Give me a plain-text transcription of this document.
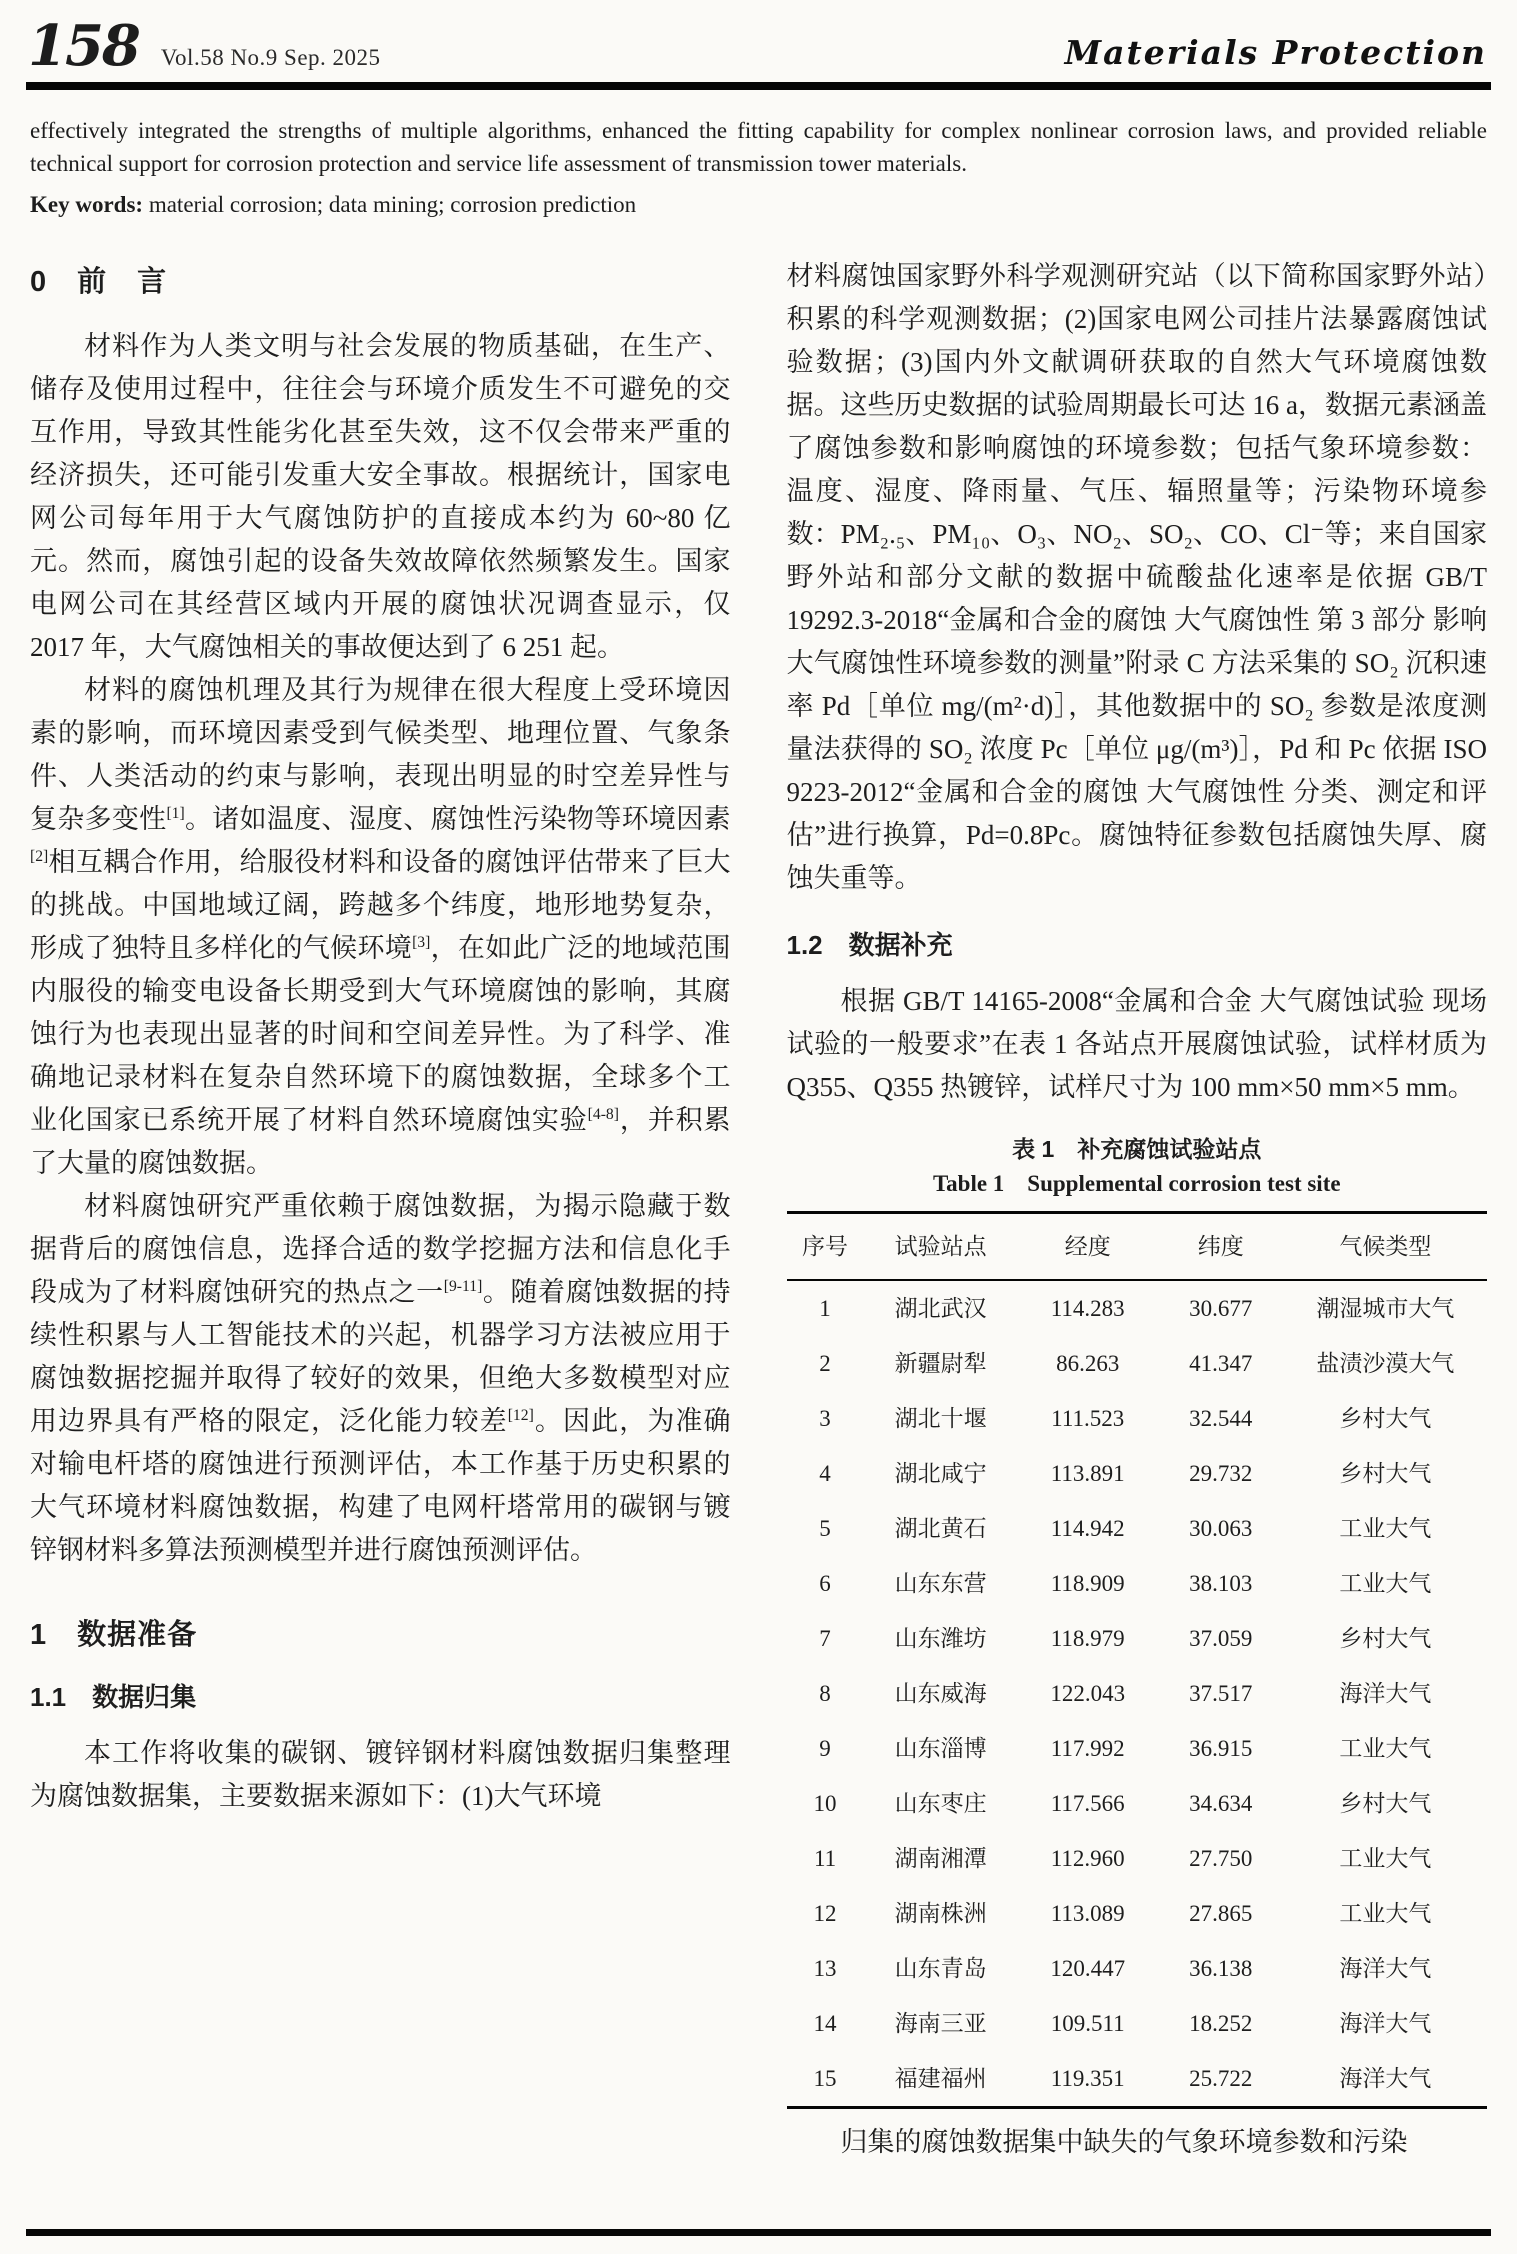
158 Vol.58 No.9 Sep. 2025	Materials Protection
effectively integrated the strengths of multiple algorithms, enhanced the fitting capability for complex nonlinear corrosion laws, and provided reliable technical support for corrosion protection and service life assessment of transmission tower materials.
Key words: material corrosion; data mining; corrosion prediction
0　前　言

材料作为人类文明与社会发展的物质基础，在生产、储存及使用过程中，往往会与环境介质发生不可避免的交互作用，导致其性能劣化甚至失效，这不仅会带来严重的经济损失，还可能引发重大安全事故。根据统计，国家电网公司每年用于大气腐蚀防护的直接成本约为 60~80 亿元。然而，腐蚀引起的设备失效故障依然频繁发生。国家电网公司在其经营区域内开展的腐蚀状况调查显示，仅 2017 年，大气腐蚀相关的事故便达到了 6 251 起。

材料的腐蚀机理及其行为规律在很大程度上受环境因素的影响，而环境因素受到气候类型、地理位置、气象条件、人类活动的约束与影响，表现出明显的时空差异性与复杂多变性[1]。诸如温度、湿度、腐蚀性污染物等环境因素[2]相互耦合作用，给服役材料和设备的腐蚀评估带来了巨大的挑战。中国地域辽阔，跨越多个纬度，地形地势复杂，形成了独特且多样化的气候环境[3]，在如此广泛的地域范围内服役的输变电设备长期受到大气环境腐蚀的影响，其腐蚀行为也表现出显著的时间和空间差异性。为了科学、准确地记录材料在复杂自然环境下的腐蚀数据，全球多个工业化国家已系统开展了材料自然环境腐蚀实验[4-8]，并积累了大量的腐蚀数据。

材料腐蚀研究严重依赖于腐蚀数据，为揭示隐藏于数据背后的腐蚀信息，选择合适的数学挖掘方法和信息化手段成为了材料腐蚀研究的热点之一[9-11]。随着腐蚀数据的持续性积累与人工智能技术的兴起，机器学习方法被应用于腐蚀数据挖掘并取得了较好的效果，但绝大多数模型对应用边界具有严格的限定，泛化能力较差[12]。因此，为准确对输电杆塔的腐蚀进行预测评估，本工作基于历史积累的大气环境材料腐蚀数据，构建了电网杆塔常用的碳钢与镀锌钢材料多算法预测模型并进行腐蚀预测评估。

1　数据准备
1.1　数据归集

本工作将收集的碳钢、镀锌钢材料腐蚀数据归集整理为腐蚀数据集，主要数据来源如下：(1)大气环境

材料腐蚀国家野外科学观测研究站（以下简称国家野外站）积累的科学观测数据；(2)国家电网公司挂片法暴露腐蚀试验数据；(3)国内外文献调研获取的自然大气环境腐蚀数据。这些历史数据的试验周期最长可达 16 a，数据元素涵盖了腐蚀参数和影响腐蚀的环境参数；包括气象环境参数：温度、湿度、降雨量、气压、辐照量等；污染物环境参数：PM₂.₅、PM₁₀、O₃、NO₂、SO₂、CO、Cl⁻等；来自国家野外站和部分文献的数据中硫酸盐化速率是依据 GB/T 19292.3-2018“金属和合金的腐蚀 大气腐蚀性 第 3 部分 影响大气腐蚀性环境参数的测量”附录 C 方法采集的 SO₂ 沉积速率 Pd［单位 mg/(m²·d)］，其他数据中的 SO₂ 参数是浓度测量法获得的 SO₂ 浓度 Pc［单位 μg/(m³)］，Pd 和 Pc 依据 ISO 9223-2012“金属和合金的腐蚀 大气腐蚀性 分类、测定和评估”进行换算，Pd=0.8Pc。腐蚀特征参数包括腐蚀失厚、腐蚀失重等。

1.2　数据补充

根据 GB/T 14165-2008“金属和合金 大气腐蚀试验 现场试验的一般要求”在表 1 各站点开展腐蚀试验，试样材质为 Q355、Q355 热镀锌，试样尺寸为 100 mm×50 mm×5 mm。

表 1　补充腐蚀试验站点
Table 1　Supplemental corrosion test site
序号	试验站点	经度	纬度	气候类型
1	湖北武汉	114.283	30.677	潮湿城市大气
2	新疆尉犁	86.263	41.347	盐渍沙漠大气
3	湖北十堰	111.523	32.544	乡村大气
4	湖北咸宁	113.891	29.732	乡村大气
5	湖北黄石	114.942	30.063	工业大气
6	山东东营	118.909	38.103	工业大气
7	山东潍坊	118.979	37.059	乡村大气
8	山东威海	122.043	37.517	海洋大气
9	山东淄博	117.992	36.915	工业大气
10	山东枣庄	117.566	34.634	乡村大气
11	湖南湘潭	112.960	27.750	工业大气
12	湖南株洲	113.089	27.865	工业大气
13	山东青岛	120.447	36.138	海洋大气
14	海南三亚	109.511	18.252	海洋大气
15	福建福州	119.351	25.722	海洋大气

归集的腐蚀数据集中缺失的气象环境参数和污染
